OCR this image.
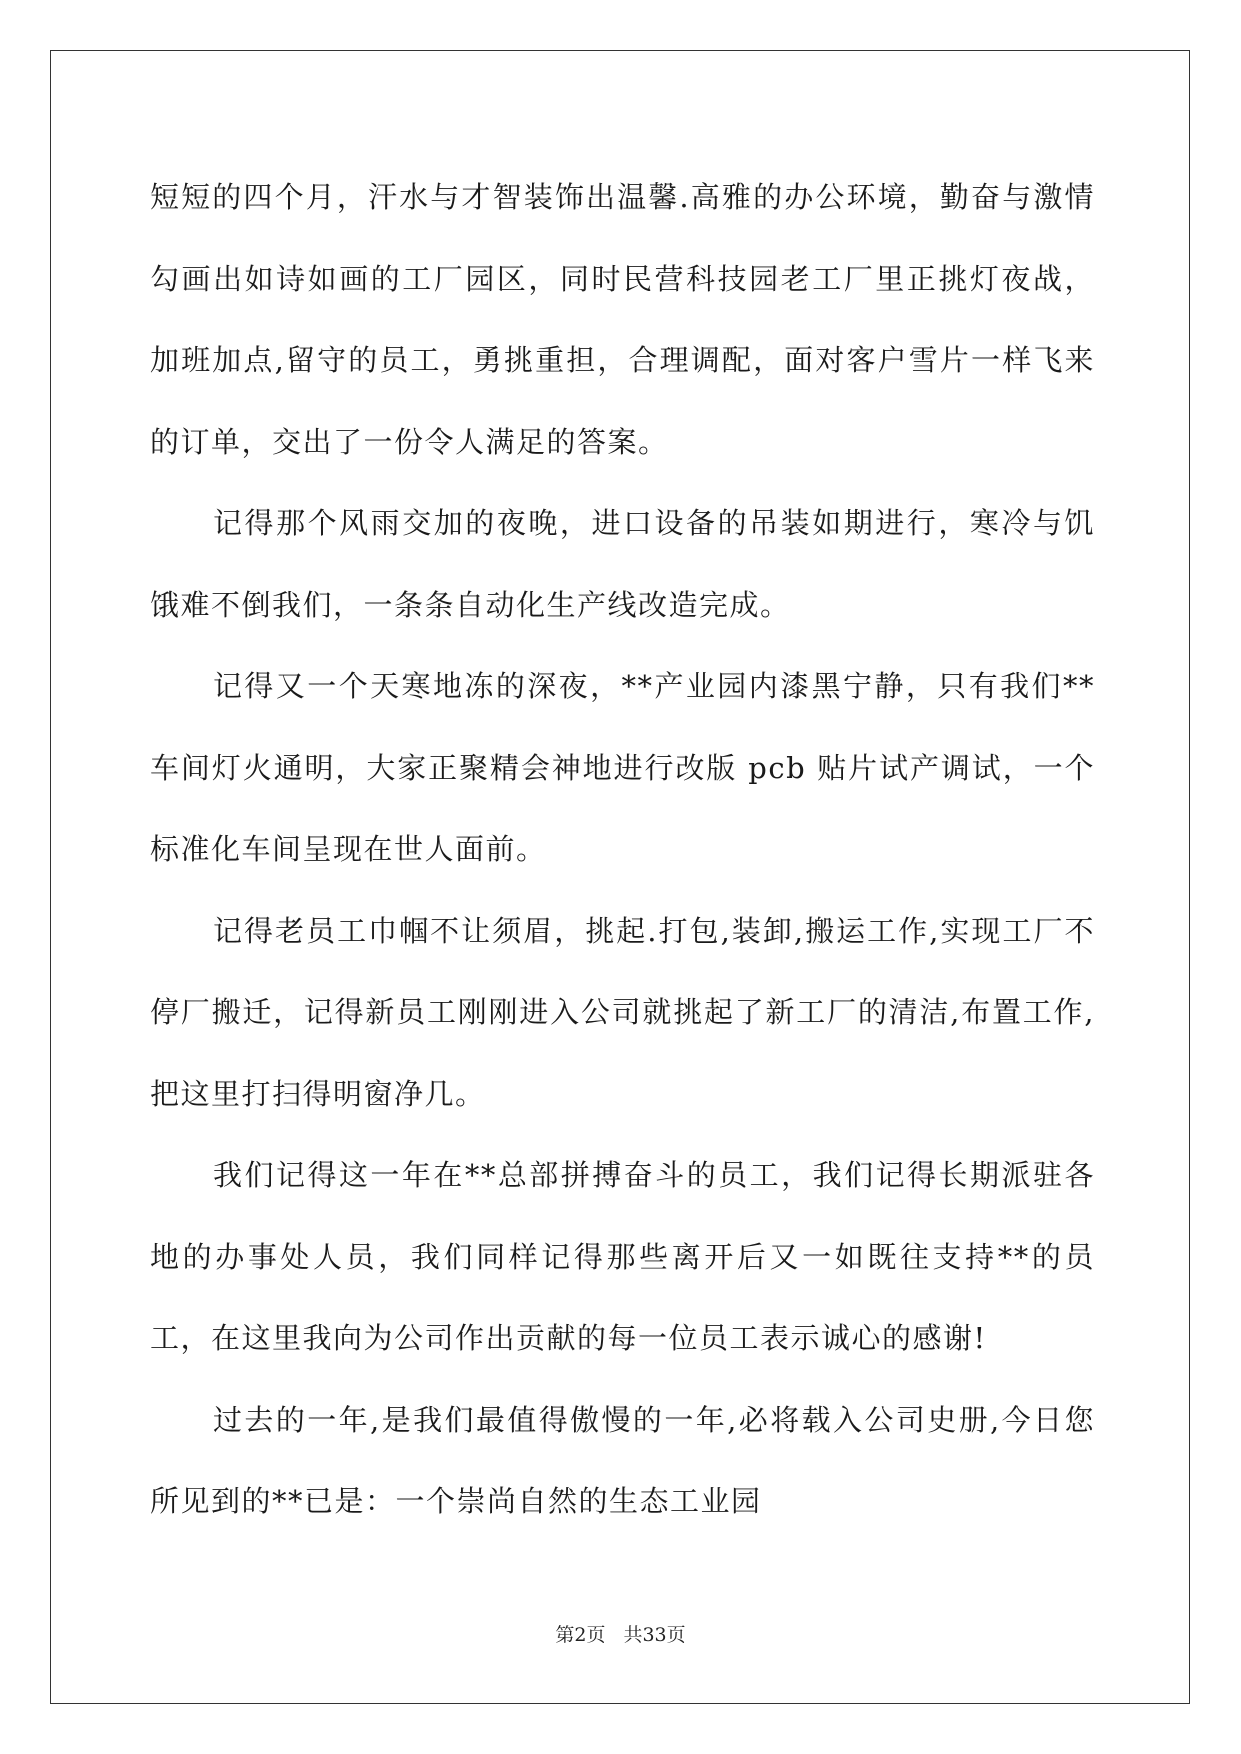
短短的四个月，汗水与才智装饰出温馨.高雅的办公环境，勤奋与激情勾画出如诗如画的工厂园区，同时民营科技园老工厂里正挑灯夜战，加班加点,留守的员工，勇挑重担，合理调配，面对客户雪片一样飞来的订单，交出了一份令人满足的答案。

记得那个风雨交加的夜晚，进口设备的吊装如期进行，寒冷与饥饿难不倒我们，一条条自动化生产线改造完成。

记得又一个天寒地冻的深夜，**产业园内漆黑宁静，只有我们**车间灯火通明，大家正聚精会神地进行改版 pcb 贴片试产调试，一个标准化车间呈现在世人面前。

记得老员工巾帼不让须眉，挑起.打包,装卸,搬运工作,实现工厂不停厂搬迁，记得新员工刚刚进入公司就挑起了新工厂的清洁,布置工作,把这里打扫得明窗净几。

我们记得这一年在**总部拼搏奋斗的员工，我们记得长期派驻各地的办事处人员，我们同样记得那些离开后又一如既往支持**的员工，在这里我向为公司作出贡献的每一位员工表示诚心的感谢!

过去的一年,是我们最值得傲慢的一年,必将载入公司史册,今日您所见到的**已是：一个崇尚自然的生态工业园

第2页 共33页
